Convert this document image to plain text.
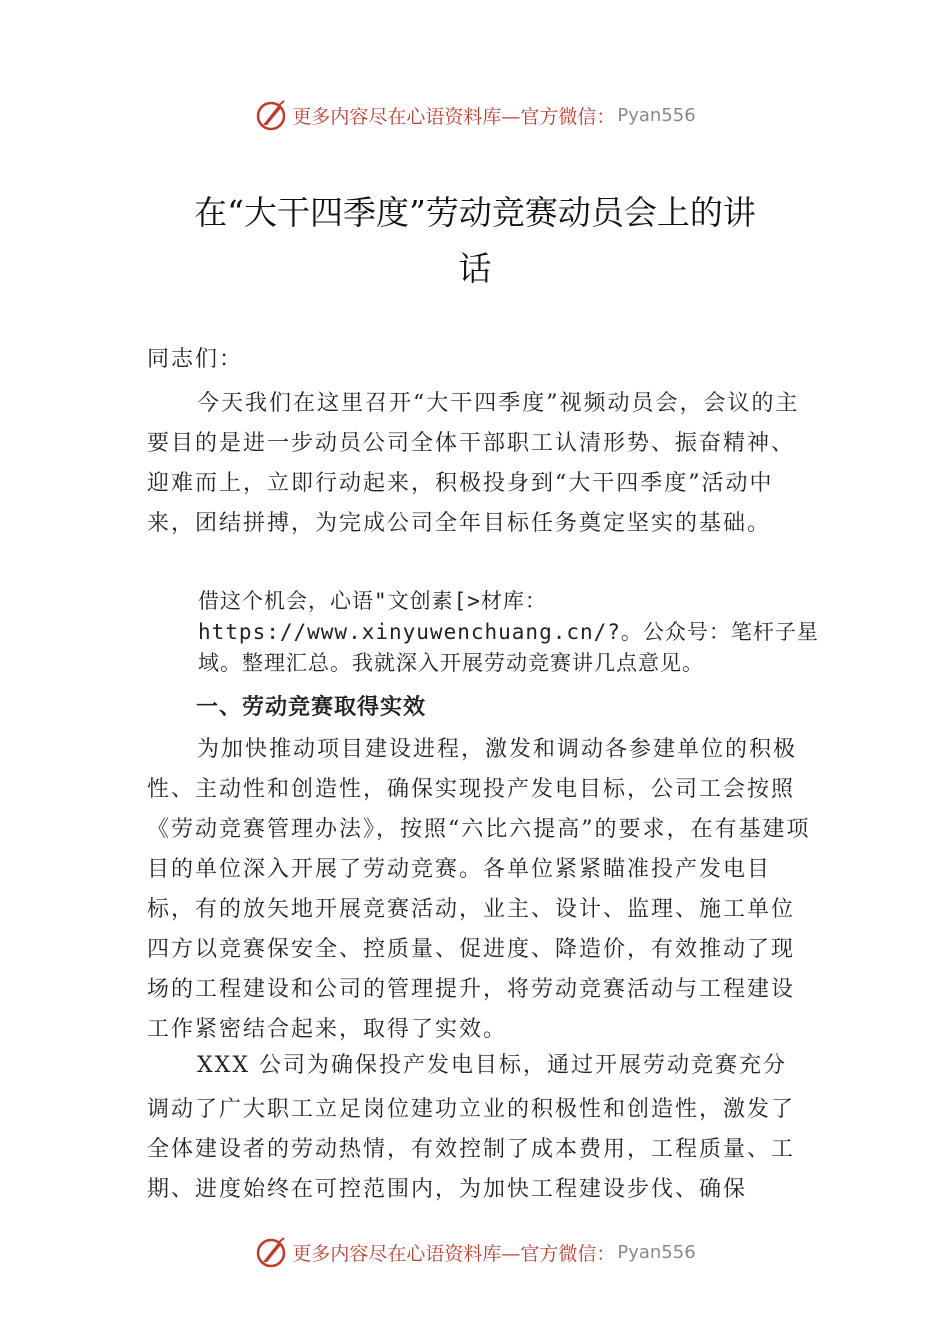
更多内容尽在心语资料库—官方微信： Pyan556
在“大干四季度”劳动竞赛动员会上的讲
话
同志们：
今天我们在这里召开“大干四季度”视频动员会，会议的主要目的是进一步动员公司全体干部职工认清形势、振奋精神、迎难而上，立即行动起来，积极投身到“大干四季度”活动中来，团结拼搏，为完成公司全年目标任务奠定坚实的基础。
借这个机会，心语"文创素[>材库：https://www.xinyuwenchuang.cn/?。公众号：笔杆子星域。整理汇总。我就深入开展劳动竞赛讲几点意见。
一、劳动竞赛取得实效
为加快推动项目建设进程，激发和调动各参建单位的积极性、主动性和创造性，确保实现投产发电目标，公司工会按照《劳动竞赛管理办法》，按照“六比六提高”的要求，在有基建项目的单位深入开展了劳动竞赛。各单位紧紧瞄准投产发电目标，有的放矢地开展竞赛活动，业主、设计、监理、施工单位四方以竞赛保安全、控质量、促进度、降造价，有效推动了现场的工程建设和公司的管理提升，将劳动竞赛活动与工程建设工作紧密结合起来，取得了实效。
XXX 公司为确保投产发电目标，通过开展劳动竞赛充分
调动了广大职工立足岗位建功立业的积极性和创造性，激发了全体建设者的劳动热情，有效控制了成本费用，工程质量、工期、进度始终在可控范围内，为加快工程建设步伐、确保
更多内容尽在心语资料库—官方微信： Pyan556
